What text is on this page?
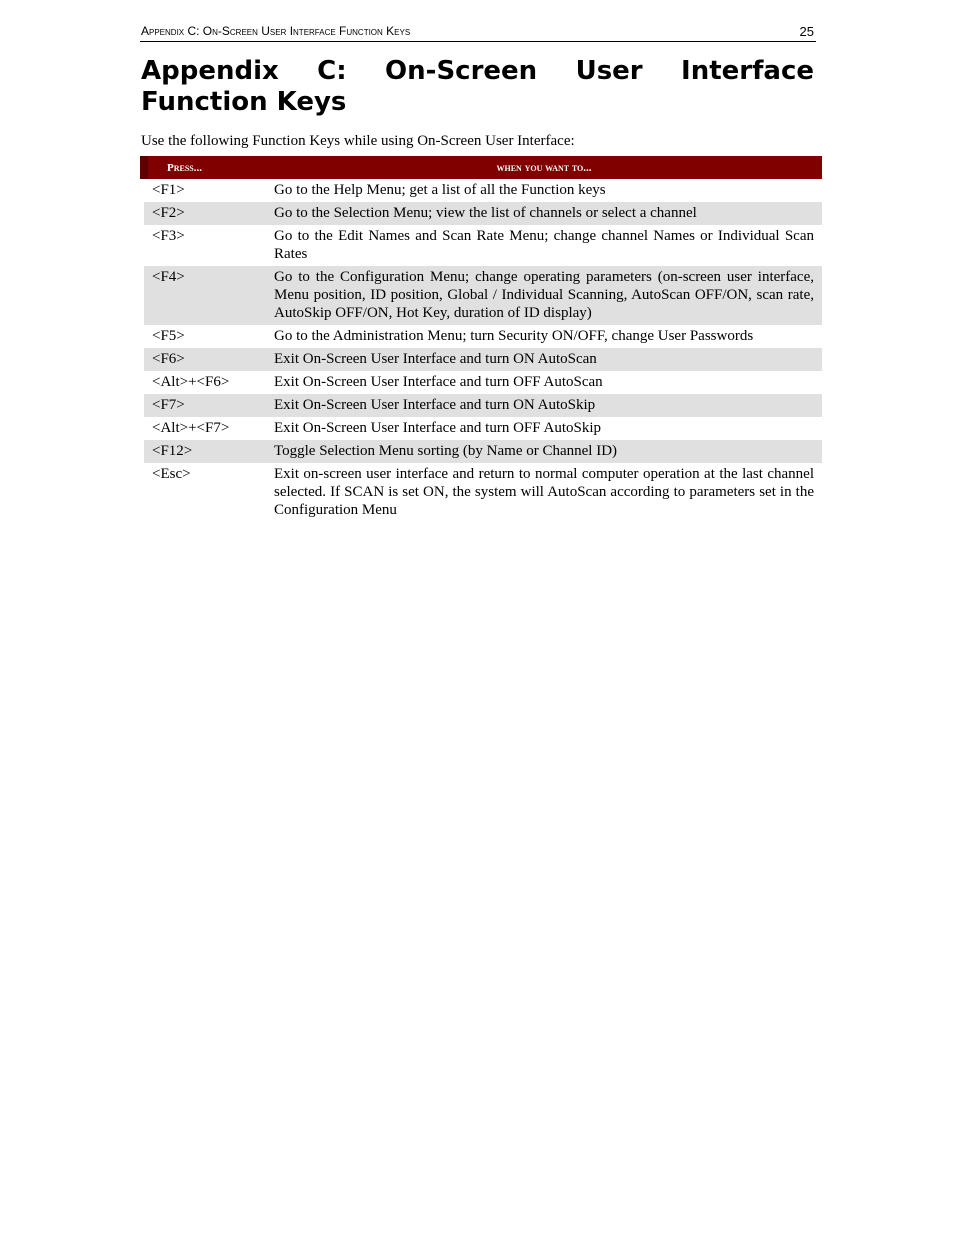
Appendix C: On-Screen User Interface Function Keys	25
Appendix C: On-Screen User Interface Function Keys
Use the following Function Keys while using On-Screen User Interface:
Press...	when you want to...
<F1>	Go to the Help Menu; get a list of all the Function keys
<F2>	Go to the Selection Menu; view the list of channels or select a channel
<F3>	Go to the Edit Names and Scan Rate Menu; change channel Names or Individual Scan Rates
<F4>	Go to the Configuration Menu; change operating parameters (on-screen user interface, Menu position, ID position, Global / Individual Scanning, AutoScan OFF/ON, scan rate, AutoSkip OFF/ON, Hot Key, duration of ID display)
<F5>	Go to the Administration Menu; turn Security ON/OFF, change User Passwords
<F6>	Exit On-Screen User Interface and turn ON AutoScan
<Alt>+<F6>	Exit On-Screen User Interface and turn OFF AutoScan
<F7>	Exit On-Screen User Interface and turn ON AutoSkip
<Alt>+<F7>	Exit On-Screen User Interface and turn OFF AutoSkip
<F12>	Toggle Selection Menu sorting (by Name or Channel ID)
<Esc>	Exit on-screen user interface and return to normal computer operation at the last channel selected. If SCAN is set ON, the system will AutoScan according to parameters set in the Configuration Menu
